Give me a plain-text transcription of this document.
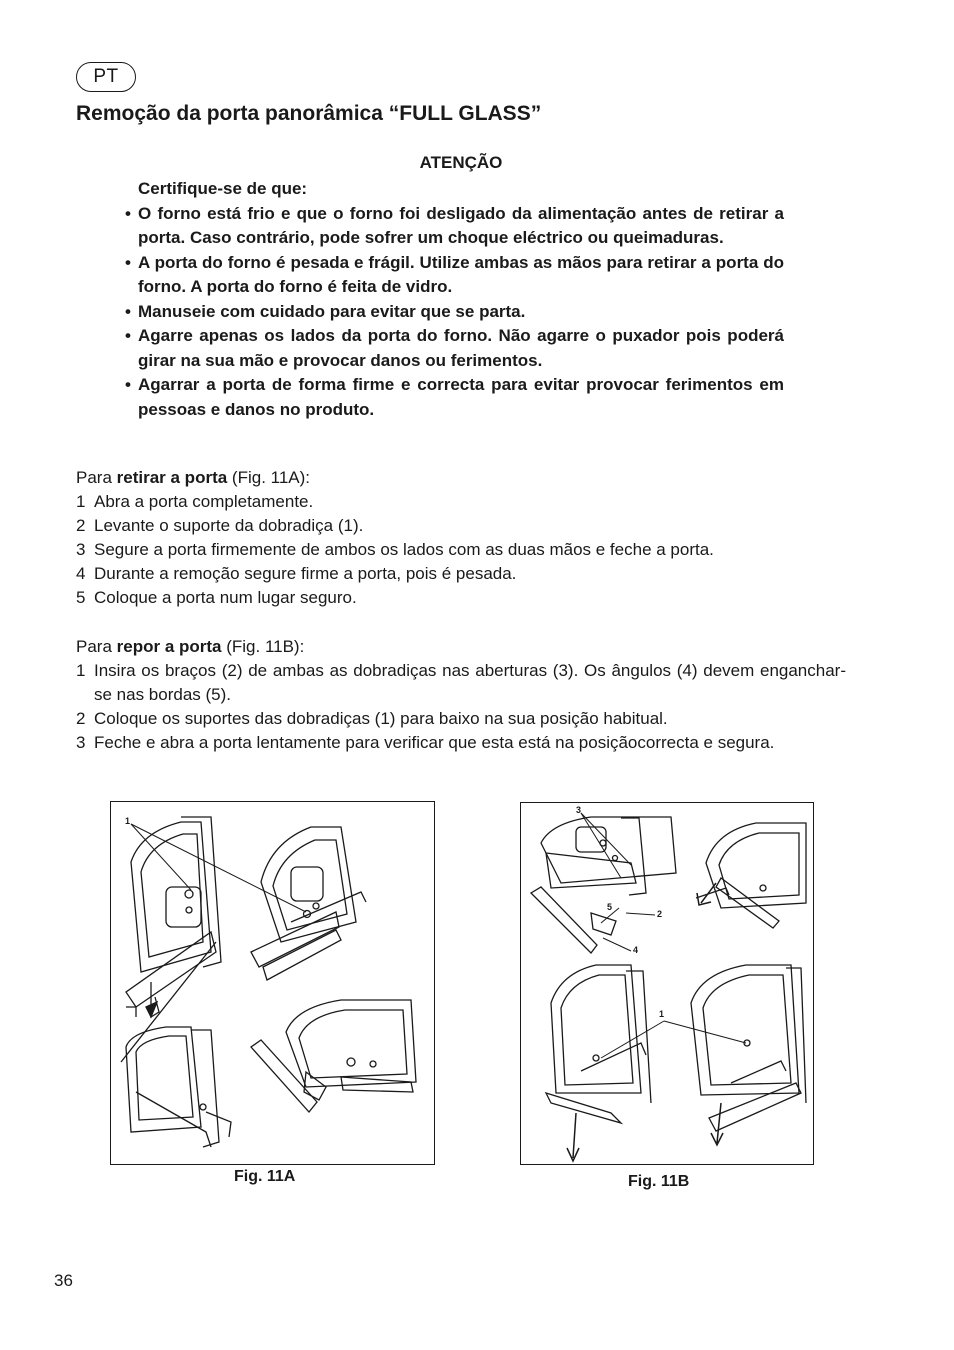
PT
Remoção da porta panorâmica “FULL GLASS”
ATENÇÃO

Certifique-se de que:

• O forno está frio e que o forno foi desligado da alimentação antes de retirar a porta. Caso contrário, pode sofrer um choque eléctrico ou queimaduras.

• A porta do forno é pesada e frágil. Utilize ambas as mãos para retirar a porta do forno. A porta do forno é feita de vidro.

• Manuseie com cuidado para evitar que se parta.

• Agarre apenas os lados da porta do forno. Não agarre o puxador pois poderá girar na sua mão e provocar danos ou ferimentos.

• Agarrar a porta de forma firme e correcta para evitar provocar ferimentos em pessoas e danos no produto.

Para retirar a porta (Fig. 11A):

1 Abra a porta completamente.

2 Levante o suporte da dobradiça (1).

3 Segure a porta firmemente de ambos os lados com as duas mãos e feche a porta.

4 Durante a remoção segure firme a porta, pois é pesada.

5 Coloque a porta num lugar seguro.

Para repor a porta (Fig. 11B):

1 Insira os braços (2) de ambas as dobradiças nas aberturas (3). Os ângulos (4) devem enganchar-se nas bordas (5).

2 Coloque os suportes das dobradiças (1) para baixo na sua posição habitual.

3 Feche e abra a porta lentamente para verificar que esta está na posiçãocorrecta e segura.

1
Fig. 11A
3
5
2
4
1
Fig. 11B
36
